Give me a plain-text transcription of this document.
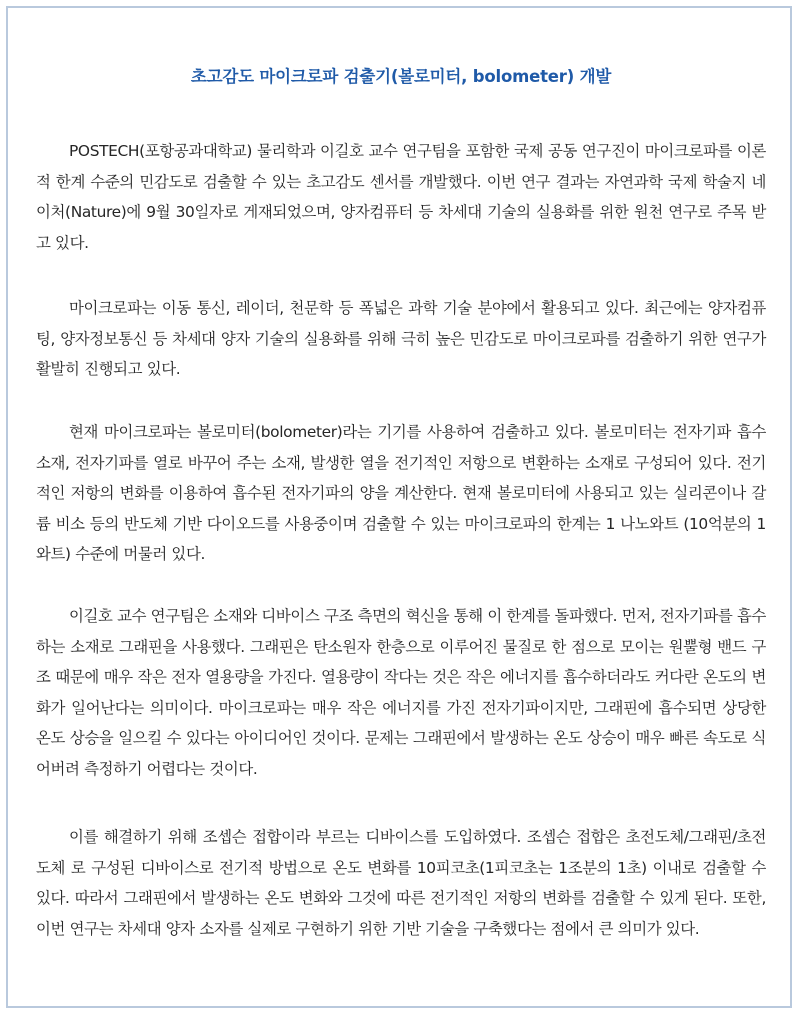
초고감도 마이크로파 검출기(볼로미터, bolometer) 개발

POSTECH(포항공과대학교) 물리학과 이길호 교수 연구팀을 포함한 국제 공동 연구진이 마이크로파를 이론적 한계 수준의 민감도로 검출할 수 있는 초고감도 센서를 개발했다. 이번 연구 결과는 자연과학 국제 학술지 네이처(Nature)에 9월 30일자로 게재되었으며, 양자컴퓨터 등 차세대 기술의 실용화를 위한 원천 연구로 주목 받고 있다.

마이크로파는 이동 통신, 레이더, 천문학 등 폭넓은 과학 기술 분야에서 활용되고 있다. 최근에는 양자컴퓨팅, 양자정보통신 등 차세대 양자 기술의 실용화를 위해 극히 높은 민감도로 마이크로파를 검출하기 위한 연구가 활발히 진행되고 있다.

현재 마이크로파는 볼로미터(bolometer)라는 기기를 사용하여 검출하고 있다. 볼로미터는 전자기파 흡수 소재, 전자기파를 열로 바꾸어 주는 소재, 발생한 열을 전기적인 저항으로 변환하는 소재로 구성되어 있다. 전기적인 저항의 변화를 이용하여 흡수된 전자기파의 양을 계산한다. 현재 볼로미터에 사용되고 있는 실리콘이나 갈륨 비소 등의 반도체 기반 다이오드를 사용중이며 검출할 수 있는 마이크로파의 한계는 1 나노와트 (10억분의 1와트) 수준에 머물러 있다.

이길호 교수 연구팀은 소재와 디바이스 구조 측면의 혁신을 통해 이 한계를 돌파했다. 먼저, 전자기파를 흡수하는 소재로 그래핀을 사용했다. 그래핀은 탄소원자 한층으로 이루어진 물질로 한 점으로 모이는 원뿔형 밴드 구조 때문에 매우 작은 전자 열용량을 가진다. 열용량이 작다는 것은 작은 에너지를 흡수하더라도 커다란 온도의 변화가 일어난다는 의미이다. 마이크로파는 매우 작은 에너지를 가진 전자기파이지만, 그래핀에 흡수되면 상당한 온도 상승을 일으킬 수 있다는 아이디어인 것이다. 문제는 그래핀에서 발생하는 온도 상승이 매우 빠른 속도로 식어버려 측정하기 어렵다는 것이다.

이를 해결하기 위해 조셉슨 접합이라 부르는 디바이스를 도입하였다. 조셉슨 접합은 초전도체/그래핀/초전도체 로 구성된 디바이스로 전기적 방법으로 온도 변화를 10피코초(1피코초는 1조분의 1초) 이내로 검출할 수 있다. 따라서 그래핀에서 발생하는 온도 변화와 그것에 따른 전기적인 저항의 변화를 검출할 수 있게 된다. 또한, 이번 연구는 차세대 양자 소자를 실제로 구현하기 위한 기반 기술을 구축했다는 점에서 큰 의미가 있다.
